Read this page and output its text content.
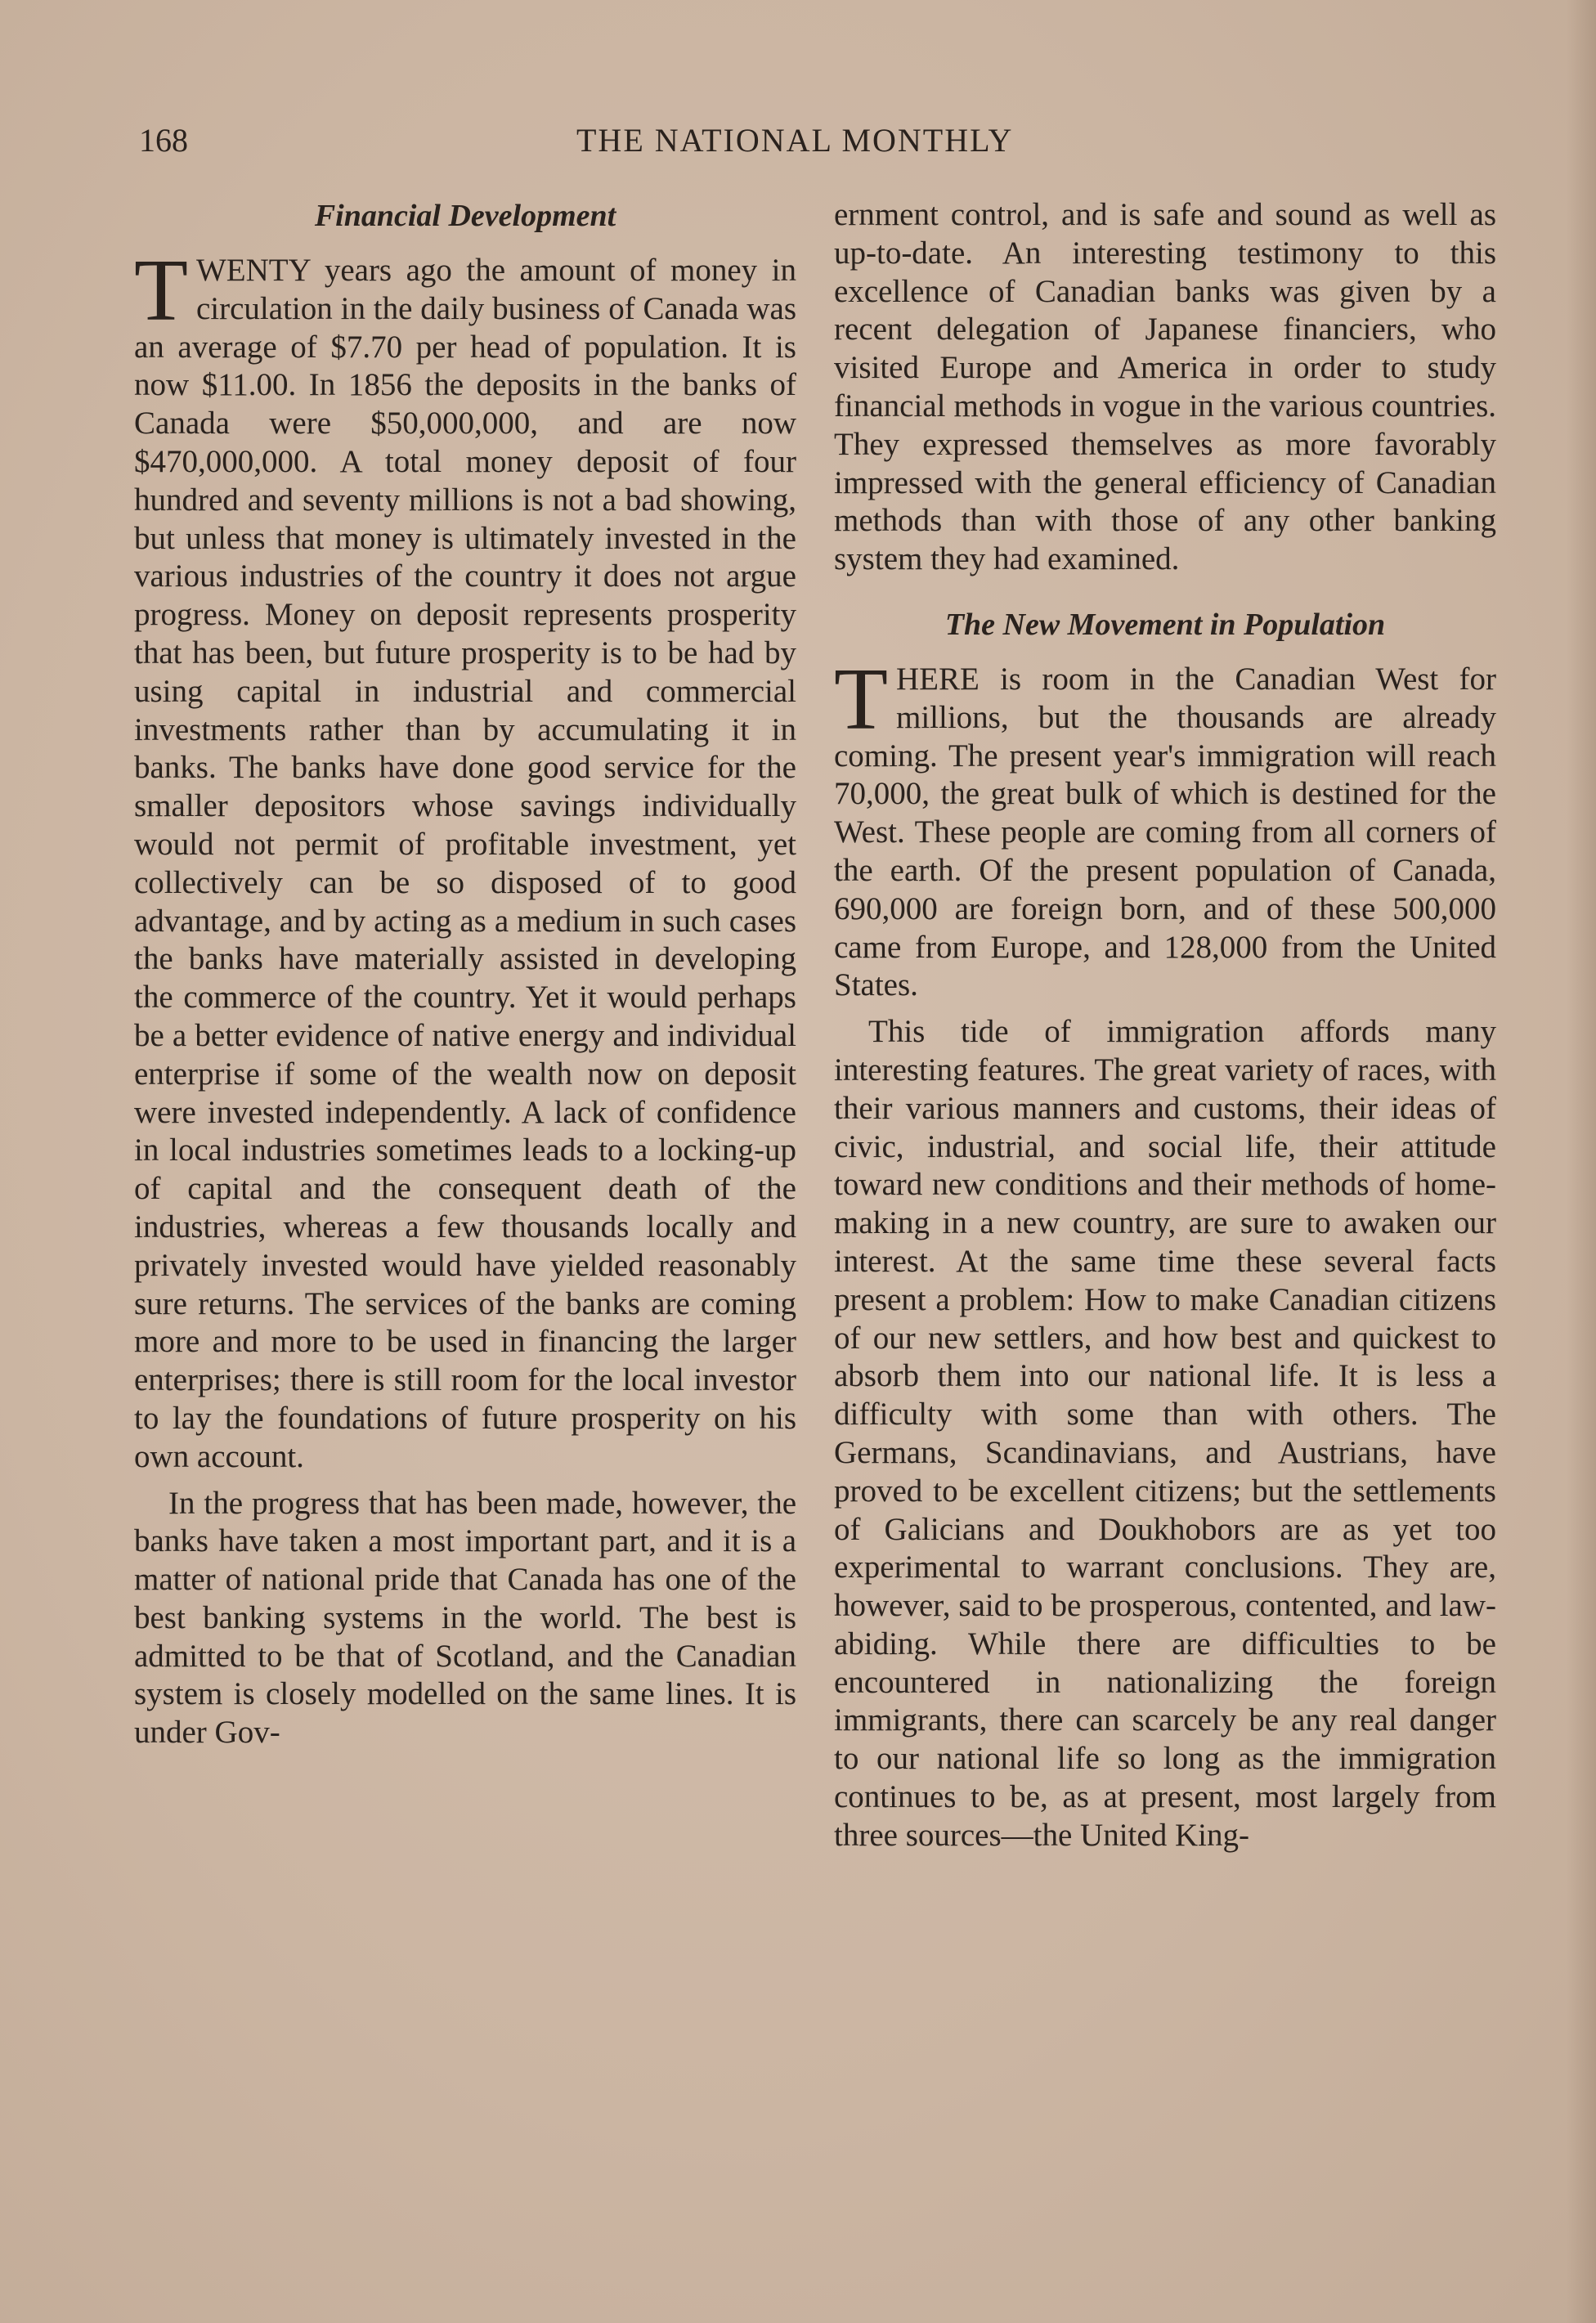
168	THE NATIONAL MONTHLY
Financial Development

TWENTY years ago the amount of money in circulation in the daily business of Canada was an average of $7.70 per head of population. It is now $11.00. In 1856 the deposits in the banks of Canada were $50,000,000, and are now $470,000,000. A total money deposit of four hundred and seventy millions is not a bad showing, but unless that money is ultimately invested in the various industries of the country it does not argue progress. Money on deposit represents prosperity that has been, but future prosperity is to be had by using capital in industrial and commercial investments rather than by accumulating it in banks. The banks have done good service for the smaller depositors whose savings individually would not permit of profitable investment, yet collectively can be so disposed of to good advantage, and by acting as a medium in such cases the banks have materially assisted in developing the commerce of the country. Yet it would perhaps be a better evidence of native energy and individual enterprise if some of the wealth now on deposit were invested independently. A lack of confidence in local industries sometimes leads to a locking-up of capital and the consequent death of the industries, whereas a few thousands locally and privately invested would have yielded reasonably sure returns. The services of the banks are coming more and more to be used in financing the larger enterprises; there is still room for the local investor to lay the foundations of future prosperity on his own account.

In the progress that has been made, however, the banks have taken a most important part, and it is a matter of national pride that Canada has one of the best banking systems in the world. The best is admitted to be that of Scotland, and the Canadian system is closely modelled on the same lines. It is under Gov-

ernment control, and is safe and sound as well as up-to-date. An interesting testimony to this excellence of Canadian banks was given by a recent delegation of Japanese financiers, who visited Europe and America in order to study financial methods in vogue in the various countries. They expressed themselves as more favorably impressed with the general efficiency of Canadian methods than with those of any other banking system they had examined.

The New Movement in Population

THERE is room in the Canadian West for millions, but the thousands are already coming. The present year's immigration will reach 70,000, the great bulk of which is destined for the West. These people are coming from all corners of the earth. Of the present population of Canada, 690,000 are foreign born, and of these 500,000 came from Europe, and 128,000 from the United States.

This tide of immigration affords many interesting features. The great variety of races, with their various manners and customs, their ideas of civic, industrial, and social life, their attitude toward new conditions and their methods of home-making in a new country, are sure to awaken our interest. At the same time these several facts present a problem: How to make Canadian citizens of our new settlers, and how best and quickest to absorb them into our national life. It is less a difficulty with some than with others. The Germans, Scandinavians, and Austrians, have proved to be excellent citizens; but the settlements of Galicians and Doukhobors are as yet too experimental to warrant conclusions. They are, however, said to be prosperous, contented, and law-abiding. While there are difficulties to be encountered in nationalizing the foreign immigrants, there can scarcely be any real danger to our national life so long as the immigration continues to be, as at present, most largely from three sources—the United King-
